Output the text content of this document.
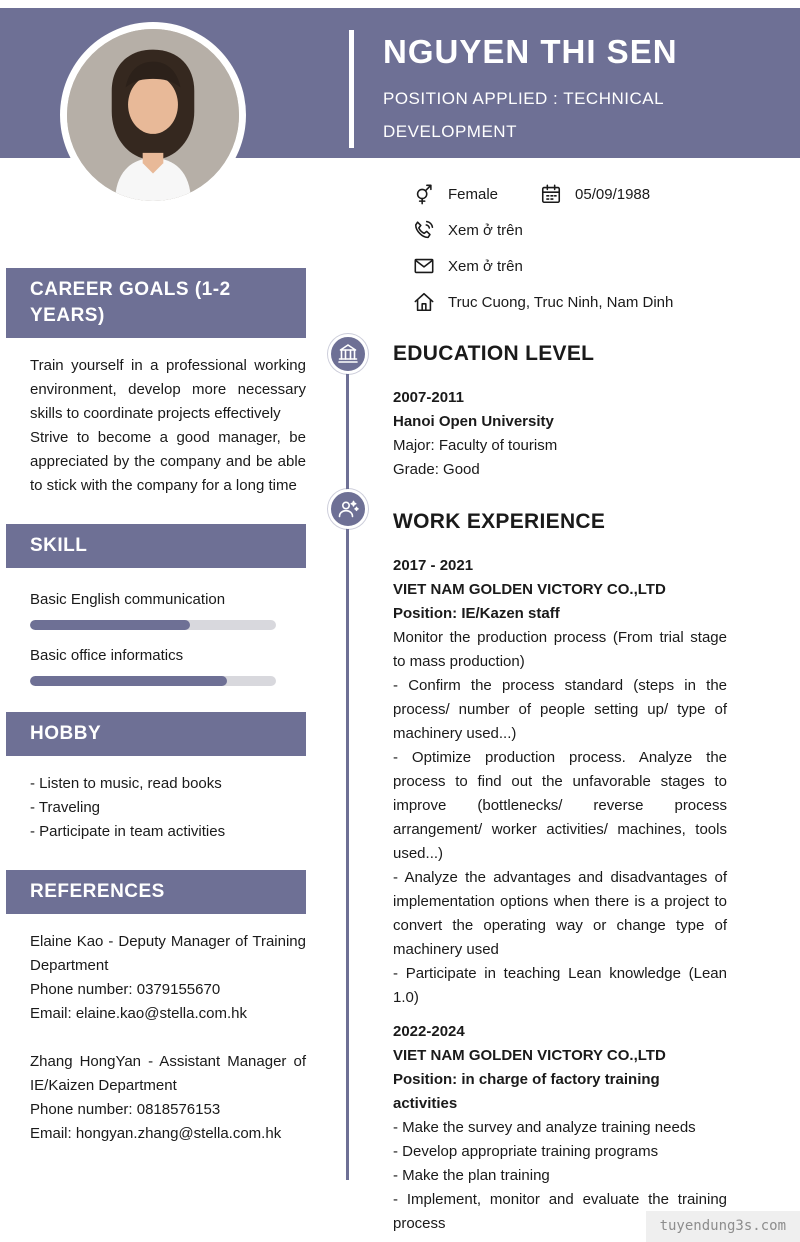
NGUYEN THI SEN
POSITION APPLIED : TECHNICAL
DEVELOPMENT
Female	05/09/1988
Xem ở trên
Xem ở trên
Truc Cuong, Truc Ninh, Nam Dinh
CAREER GOALS (1-2 YEARS)
Train yourself in a professional working environment, develop more necessary skills to coordinate projects effectively
Strive to become a good manager, be appreciated by the company and be able to stick with the company for a long time
SKILL
Basic English communication
Basic office informatics
HOBBY
- Listen to music, read books
- Traveling
- Participate in team activities
REFERENCES
Elaine Kao - Deputy Manager of Training Department
Phone number: 0379155670
Email: elaine.kao@stella.com.hk
Zhang HongYan - Assistant Manager of IE/Kaizen Department
Phone number: 0818576153
Email: hongyan.zhang@stella.com.hk
EDUCATION LEVEL
2007-2011
Hanoi Open University
Major: Faculty of tourism
Grade: Good
WORK EXPERIENCE
2017 - 2021
VIET NAM GOLDEN VICTORY CO.,LTD
Position: IE/Kazen staff
Monitor the production process (From trial stage to mass production)
- Confirm the process standard (steps in the process/ number of people setting up/ type of machinery used...)
- Optimize production process. Analyze the process to find out the unfavorable stages to improve (bottlenecks/ reverse process arrangement/ worker activities/ machines, tools used...)
- Analyze the advantages and disadvantages of implementation options when there is a project to convert the operating way or change type of machinery used
- Participate in teaching Lean knowledge (Lean 1.0)
2022-2024
VIET NAM GOLDEN VICTORY CO.,LTD
Position: in charge of factory training activities
- Make the survey and analyze training needs
- Develop appropriate training programs
- Make the plan training
- Implement, monitor and evaluate the training process	tuyendung3s.com
